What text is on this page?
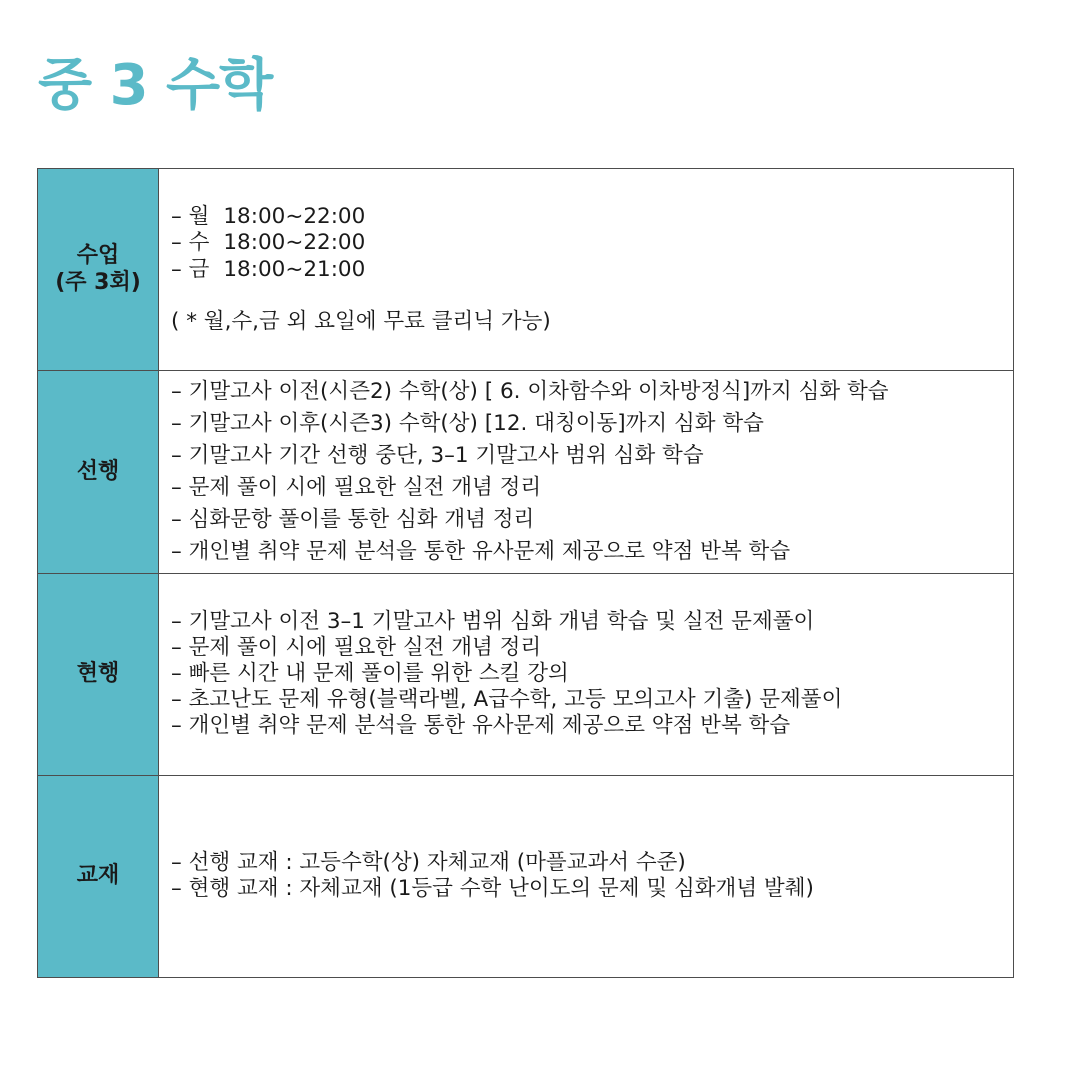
중 3 수학
수업
(주 3회)
– 월 18:00~22:00
– 수 18:00~22:00
– 금 18:00~21:00
( * 월,수,금 외 요일에 무료 클리닉 가능)
선행
– 기말고사 이전(시즌2) 수학(상) [ 6. 이차함수와 이차방정식]까지 심화 학습
– 기말고사 이후(시즌3) 수학(상) [12. 대칭이동]까지 심화 학습
– 기말고사 기간 선행 중단, 3–1 기말고사 범위 심화 학습
– 문제 풀이 시에 필요한 실전 개념 정리
– 심화문항 풀이를 통한 심화 개념 정리
– 개인별 취약 문제 분석을 통한 유사문제 제공으로 약점 반복 학습
현행
– 기말고사 이전 3–1 기말고사 범위 심화 개념 학습 및 실전 문제풀이
– 문제 풀이 시에 필요한 실전 개념 정리
– 빠른 시간 내 문제 풀이를 위한 스킬 강의
– 초고난도 문제 유형(블랙라벨, A급수학, 고등 모의고사 기출) 문제풀이
– 개인별 취약 문제 분석을 통한 유사문제 제공으로 약점 반복 학습
교재
– 선행 교재 : 고등수학(상) 자체교재 (마플교과서 수준)
– 현행 교재 : 자체교재 (1등급 수학 난이도의 문제 및 심화개념 발췌)
